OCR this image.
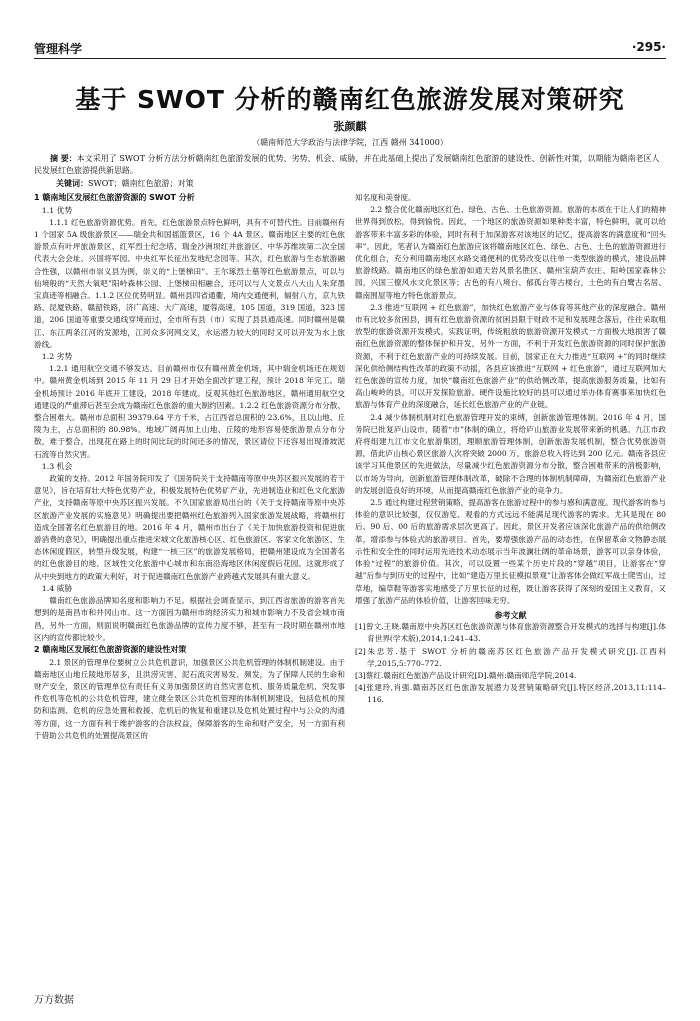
管理科学	·295·
基于 SWOT 分析的赣南红色旅游发展对策研究
张颜麒
（赣南师范大学政治与法律学院，江西 赣州 341000）
摘 要：本文采用了 SWOT 分析方法分析赣南红色旅游发展的优势、劣势、机会、威胁，并在此基础上提出了发展赣南红色旅游的建设性、创新性对策，以期能为赣南老区人民发展红色旅游提供新思路。
关键词：SWOT；赣南红色旅游；对策
1 赣南地区发展红色旅游资源的 SWOT 分析
1.1 优势

1.1.1 红色旅游资源优势。首先，红色旅游景点特色鲜明，具有不可替代性。目前赣州有 1 个国家 5A 级旅游景区——瑞金共和国摇篮景区，16 个 4A 景区。赣南地区主要的红色旅游景点有叶坪旅游景区、红军烈士纪念塔、瑞金沙洲坝红井旅游区、中华苏维埃第二次全国代表大会会址、兴国将军园、中央红军长征出发地纪念园等。其次，红色旅游与生态旅游融合性强，以赣州市崇义县为例，崇义的“上堡梯田”、王尔琢烈士墓等红色旅游景点，可以与仙境般的“天然大氧吧”阳岭森林公园、上堡梯田相融合，还可以与人文景点八大山人朱耷墨宝真迹等相融合。1.1.2 区位优势明显。赣州县四省通衢，境内交通便利，辐射八方，京九铁路、昆厦铁路、赣韶铁路，济广高速、大广高速，厦蓉高速，105 国道，319 国道，323 国道，206 国道等重要交通线穿境而过，全市所有县（市）实现了县县通高速。同时赣州是赣江、东江两条江河的发源地，江河众多河网交叉，水运潜力较大的同时又可以开发为水上旅游线。

1.2 劣势

1.2.1 通用航空交通不够发达。目前赣州市仅有赣州黄金机场，其中瑞金机场还在规划中。赣州黄金机场到 2015 年 11 月 29 日才开始全面改扩建工程，预计 2018 年完工。瑞金机场预计 2016 年底开工建设，2018 年建成。反观其他红色旅游地区，赣州通用航空交通建设的严重滞后甚至会成为赣南红色旅游的重大制约因素。1.2.2 红色旅游资源分布分散、整合困难大。赣州市总面积 39379.64 平方千米，占江西省总面积的 23.6%，且以山地、丘陵为主，占总面积的 80.98%。地域广阔再加上山地、丘陵的地形容易使旅游景点分布分散，难于整合，出现花在路上的时间比玩的时间还多的情况，景区请位下还容易出现滑坡泥石流等自然灾害。

1.3 机会

政策的支持。2012 年国务院印发了《国务院关于支持赣南等原中央苏区振兴发展的若干意见》，旨在培育壮大特色优势产业，积极发展特色优势矿产业，先进制造业和红色文化旅游产业，支持赣南等原中央苏区振兴发展。不久国家旅游局出台的《关于支持赣南等原中央苏区旅游产业发展的实施意见》明确提出要把赣州红色旅游列入国家旅游发展战略，将赣州打造成全国著名红色旅游目的地。2016 年 4 月，赣州市出台了《关于加快旅游投资和促进旅游消费的意见》，明确提出重点推进宋城文化旅游核心区、红色旅游区、客家文化旅游区、生态休闲度假区，转型升级发展，构建“一核三区”的旅游发展格局，把赣州建设成为全国著名的红色旅游目的地、区域性文化旅游中心城市和东南沿海地区休闲度假后花园。这就形成了从中央到地方的政策大利好，对于促进赣南红色旅游产业跨越式发展具有重大意义。

1.4 威胁

赣南红色旅游品牌知名度和影响力不足。根据社会调查显示，到江西省旅游的游客首先想到的是南昌市和井冈山市。这一方面因为赣州市的经济实力和城市影响力不及省会城市南昌，另外一方面，则面说明赣南红色旅游品牌的宣传力度不够，甚至有一段时期在赣州市地区内的宣传都比较少。

2 赣南地区发展红色旅游资源的建设性对策

2.1 景区的管理单位要树立公共危机意识，加强景区公共危机管理的体制机制建设。由于赣南地区山地丘陵地形居多，且洪涝灾害、泥石流灾害易发、频发，为了保障人民的生命和财产安全，景区的管理单位有责任有义务加强景区的自然灾害危机、服务质量危机、突发事件危机等危机的公共危机管理，建立健全景区公共危机管理的体制机制建设，包括危机的预防和监测、危机的应急处置和救援、危机后的恢复和重建以及危机处置过程中与公众的沟通等方面，这一方面有利于维护游客的合法权益，保障游客的生命和财产安全，另一方面有利于借助公共危机的处置提高景区的

知名度和美誉度。

2.2 整合优化赣南地区红色、绿色、古色、土色旅游资源。旅游的本质在于让人们的精神世界得到放松，得到愉悦。因此，一个地区的旅游资源如果种类丰富，特色鲜明，就可以给游客带来丰富多彩的体验，同时有利于加深游客对该地区的记忆，提高游客的满意度和“回头率”。因此，笔者认为赣南红色旅游应该将赣南地区红色、绿色、古色、土色的旅游资源进行优化组合，充分利用赣南地区水路交通便利的优势改变以往单一类型旅游的模式，建设品牌旅游线路。赣南地区的绿色旅游如通天岩风景名胜区、赣州宝葫芦农庄、阳岭国家森林公园，兴国三僚风水文化景区等；古色的有八境台、郁孤台等古楼台，土色的有白鹭古名居、赣南围屋等地方特色旅游景点。

2.3 推进“互联网 + 红色旅游”，加快红色旅游产业与体育等其他产业的深度融合。赣州市有比较多贫困县，拥有红色旅游资源的贫困县限于财政不足和发展理念落后，往往采取粗放型的旅游资源开发模式，实践证明，传统粗放的旅游资源开发模式一方面极大地损害了赣南红色旅游资源的整体保护和开发，另外一方面，不利于开发红色旅游资源的同时保护旅游资源，不利于红色旅游产业的可持续发展。目前，国家正在大力推进“互联网 +”的同时继续深化供给侧结构性改革的政策不动摇，各县应该推进“互联网 + 红色旅游”，通过互联网加大红色旅游的宣传力度，加快“赣南红色旅游产业”的供给侧改革，提高旅游服务质量，比如有高山峻岭的县，可以开发探险旅游。硬件设施比较好的县可以通过举办体育赛事来加快红色旅游与体育产业的深度融合，延长红色旅游产业的产业链。

2.4 减少体制机制对红色旅游管理开发的束缚，创新旅游管理体制。2016 年 4 月，国务院已批复庐山设市，随着“市”体制的确立，将给庐山旅游业发展带来新的机遇。九江市政府将组建九江市文化旅游集团，理顺旅游管理体制，创新旅游发展机制，整合优势旅游资源，借此庐山核心景区旅游人次将突破 2000 万，旅游总收入将达到 200 亿元。赣南各县应该学习其他景区的先进做法，尽量减少红色旅游资源分布分散，整合困难带来的消极影响，以市场为导向，创新旅游管理体制改革，破除不合理的体制机制障碍，为赣南红色旅游产业的发展创造良好的环境，从而提高赣南红色旅游产业的竞争力。

2.5 通过构建过程营销策略，提高游客在旅游过程中的参与感和满意度。现代游客的参与体验的意识比较强，仅仅游览、观看的方式远远不能满足现代游客的需求。尤其是现在 80 后、90 后、00 后的旅游需求层次更高了。因此，景区开发者应该深化旅游产品的供给侧改革，增添参与体验式的旅游项目。首先，要增强旅游产品的动态性，在保留革命文物静态展示性和安全性的同时运用先进技术动态展示当年波澜壮阔的革命场景，游客可以亲身体验，体验“过程”的旅游价值。其次，可以设置一些某个历史片段的“穿越”项目，让游客在“穿越”后参与到历史的过程中，比如“建造万里长征模拟景观”让游客体会做红军战士爬雪山，过草地，编草鞋等游客实地感受了万里长征的过程，既让游客获得了深刻的爱国主义教育，又增强了旅游产品的体验价值，让游客回味无穷。

参考文献

[1]曾文,王晓.赣南原中央苏区红色旅游资源与体育旅游资源整合开发模式的选择与构建[J].体育世界(学术版),2014,1:241–43.

[2]朱忠芳.基于 SWOT 分析的赣南苏区红色旅游产品开发模式研究[J].江西科学,2015,5:770–772.

[3]蔡红.赣南红色旅游产品设计研究[D].赣州:赣南师范学院,2014.

[4]张建玲,肖强.赣南苏区红色旅游发展潜力及营销策略研究[J].特区经济,2013,11:114–116.

万方数据
